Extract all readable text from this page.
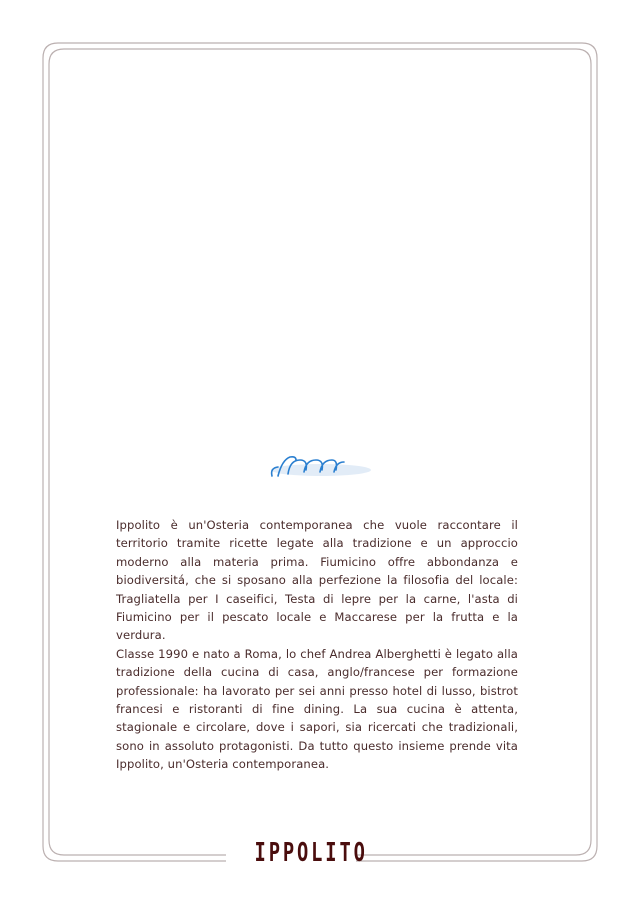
Ippolito è un'Osteria contemporanea che vuole raccontare il territorio tramite ricette legate alla tradizione e un approccio moderno alla materia prima. Fiumicino offre abbondanza e biodiversitá, che si sposano alla perfezione la filosofia del locale: Tragliatella per I caseifici, Testa di lepre per la carne, l'asta di Fiumicino per il pescato locale e Maccarese per la frutta e la verdura.

Classe 1990 e nato a Roma, lo chef Andrea Alberghetti è legato alla tradizione della cucina di casa, anglo/francese per formazione professionale: ha lavorato per sei anni presso hotel di lusso, bistrot francesi e ristoranti di fine dining. La sua cucina è attenta, stagionale e circolare, dove i sapori, sia ricercati che tradizionali, sono in assoluto protagonisti. Da tutto questo insieme prende vita Ippolito, un'Osteria contemporanea.

IPPOLITO
